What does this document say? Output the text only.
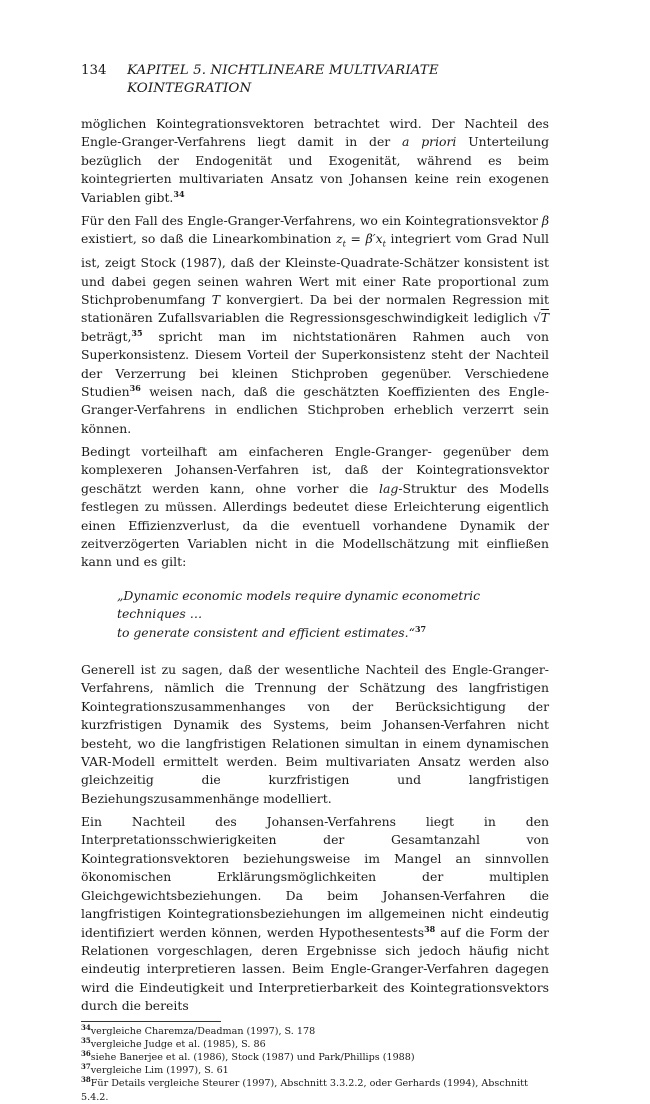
134	KAPITEL 5. NICHTLINEARE MULTIVARIATE KOINTEGRATION

möglichen Kointegrationsvektoren betrachtet wird. Der Nachteil des Engle-Granger-Verfahrens liegt damit in der a priori Unterteilung bezüglich der Endogenität und Exogenität, während es beim kointegrierten multivariaten Ansatz von Johansen keine rein exogenen Variablen gibt.$^{34}$

Für den Fall des Engle-Granger-Verfahrens, wo ein Kointegrationsvektor β existiert, so daß die Linearkombination $z_t = \beta'x_t$ integriert vom Grad Null ist, zeigt Stock (1987), daß der Kleinste-Quadrate-Schätzer konsistent ist und dabei gegen seinen wahren Wert mit einer Rate proportional zum Stichprobenumfang T konvergiert. Da bei der normalen Regression mit stationären Zufallsvariablen die Regressionsgeschwindigkeit lediglich √T beträgt,$^{35}$ spricht man im nichtstationären Rahmen auch von Superkonsistenz. Diesem Vorteil der Superkonsistenz steht der Nachteil der Verzerrung bei kleinen Stichproben gegenüber. Verschiedene Studien$^{36}$ weisen nach, daß die geschätzten Koeffizienten des Engle-Granger-Verfahrens in endlichen Stichproben erheblich verzerrt sein können.

Bedingt vorteilhaft am einfacheren Engle-Granger- gegenüber dem komplexeren Johansen-Verfahren ist, daß der Kointegrationsvektor geschätzt werden kann, ohne vorher die lag-Struktur des Modells festlegen zu müssen. Allerdings bedeutet diese Erleichterung eigentlich einen Effizienzverlust, da die eventuell vorhandene Dynamik der zeitverzögerten Variablen nicht in die Modellschätzung mit einfließen kann und es gilt:

„Dynamic economic models require dynamic econometric techniques …
to generate consistent and efficient estimates.“$^{37}$

Generell ist zu sagen, daß der wesentliche Nachteil des Engle-Granger-Verfahrens, nämlich die Trennung der Schätzung des langfristigen Kointegrationszusammenhanges von der Berücksichtigung der kurzfristigen Dynamik des Systems, beim Johansen-Verfahren nicht besteht, wo die langfristigen Relationen simultan in einem dynamischen VAR-Modell ermittelt werden. Beim multivariaten Ansatz werden also gleichzeitig die kurzfristigen und langfristigen Beziehungszusammenhänge modelliert.

Ein Nachteil des Johansen-Verfahrens liegt in den Interpretationsschwierigkeiten der Gesamtanzahl von Kointegrationsvektoren beziehungsweise im Mangel an sinnvollen ökonomischen Erklärungsmöglichkeiten der multiplen Gleichgewichtsbeziehungen. Da beim Johansen-Verfahren die langfristigen Kointegrationsbeziehungen im allgemeinen nicht eindeutig identifiziert werden können, werden Hypothesentests$^{38}$ auf die Form der Relationen vorgeschlagen, deren Ergebnisse sich jedoch häufig nicht eindeutig interpretieren lassen. Beim Engle-Granger-Verfahren dagegen wird die Eindeutigkeit und Interpretierbarkeit des Kointegrationsvektors durch die bereits

$^{34}$vergleiche Charemza/Deadman (1997), S. 178
$^{35}$vergleiche Judge et al. (1985), S. 86
$^{36}$siehe Banerjee et al. (1986), Stock (1987) und Park/Phillips (1988)
$^{37}$vergleiche Lim (1997), S. 61
$^{38}$Für Details vergleiche Steurer (1997), Abschnitt 3.3.2.2, oder Gerhards (1994), Abschnitt 5.4.2.
